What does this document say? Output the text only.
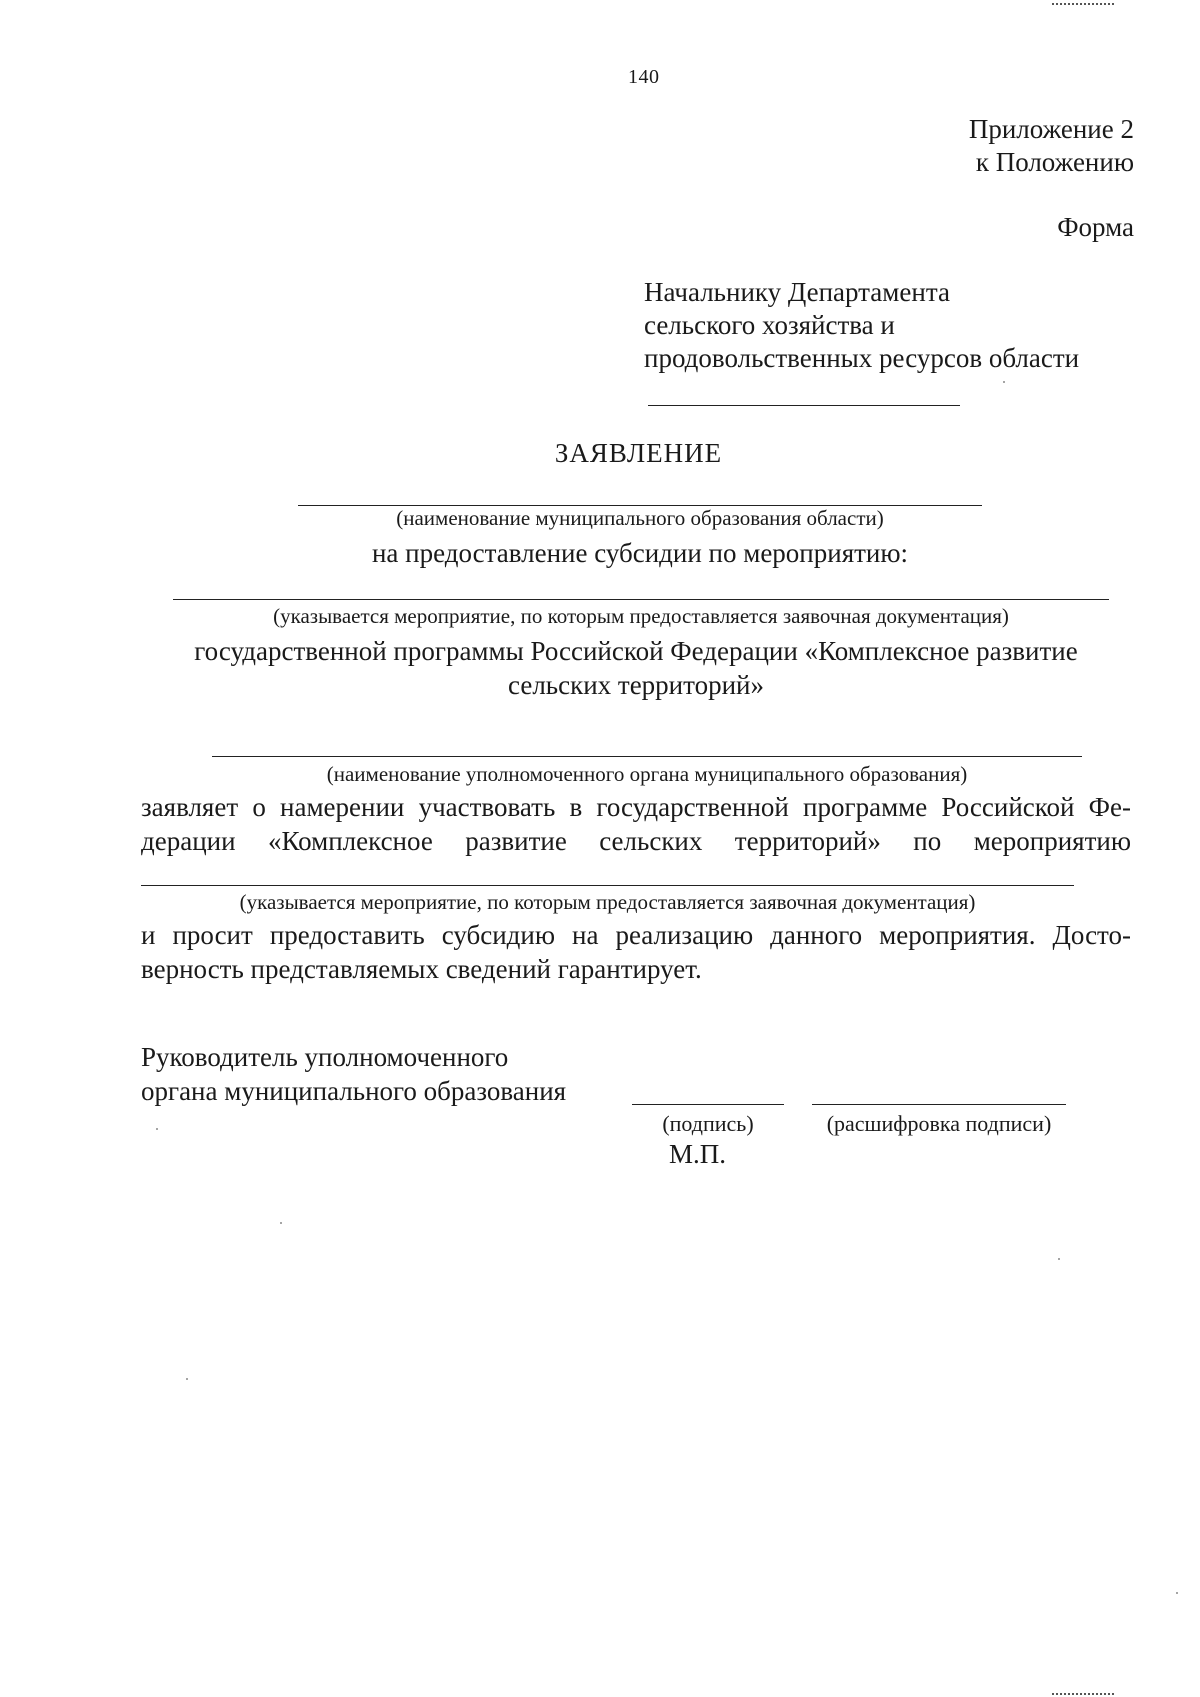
140
Приложение 2
к Положению
Форма
Начальнику Департамента
сельского хозяйства и
продовольственных ресурсов области
ЗАЯВЛЕНИЕ
(наименование муниципального образования области)
на предоставление субсидии по мероприятию:
(указывается мероприятие, по которым предоставляется заявочная документация)
государственной программы Российской Федерации «Комплексное развитие
сельских территорий»
(наименование уполномоченного органа муниципального образования)
заявляет о намерении участвовать в государственной программе Российской Фе-
дерации «Комплексное развитие сельских территорий» по мероприятию
(указывается мероприятие, по которым предоставляется заявочная документация)
и просит предоставить субсидию на реализацию данного мероприятия. Досто-
верность представляемых сведений гарантирует.
Руководитель уполномоченного
органа муниципального образования
(подпись)	(расшифровка подписи)
М.П.
